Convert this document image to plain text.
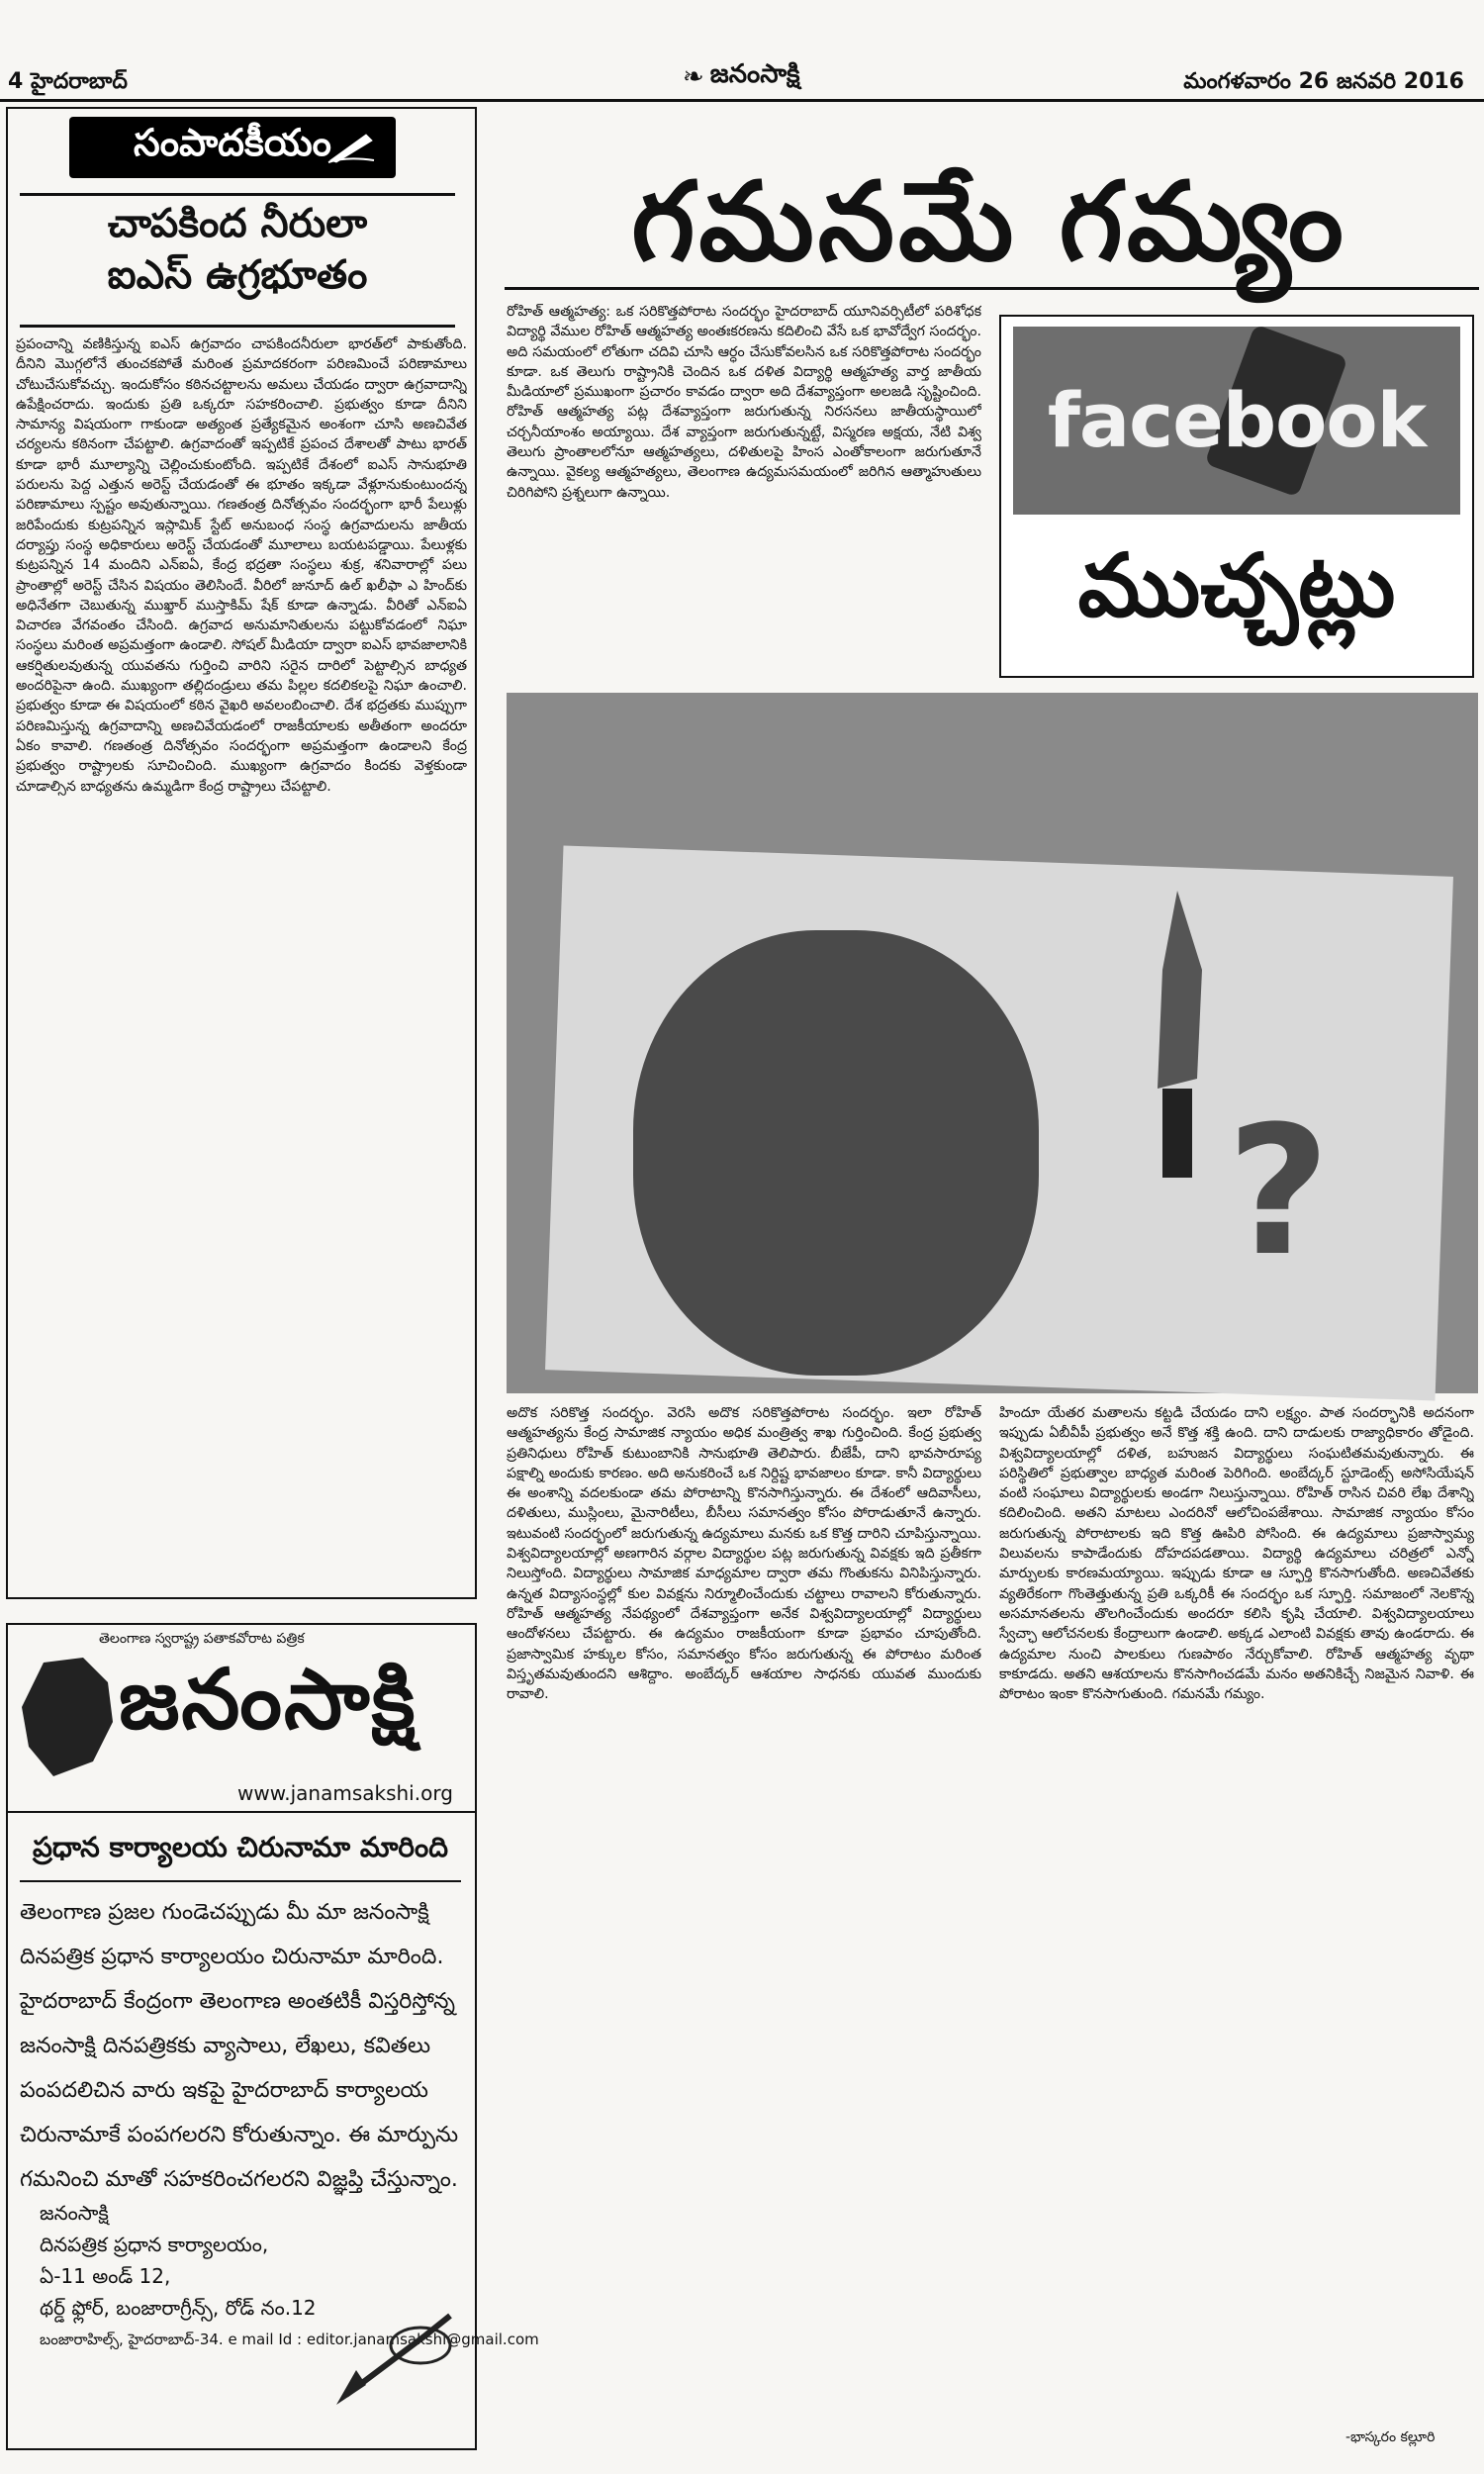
4 హైదరాబాద్	❧ జనంసాక్షి	మంగళవారం 26 జనవరి 2016
సంపాదకీయం
చాపకింద నీరులా
ఐఎస్ ఉగ్రభూతం
ప్రపంచాన్ని వణికిస్తున్న ఐఎస్ ఉగ్రవాదం చాపకిందనీరులా భారత్‌లో పాకుతోంది. దీనిని మొగ్గలోనే తుంచకపోతే మరింత ప్రమాదకరంగా పరిణమించే పరిణామాలు చోటుచేసుకోవచ్చు. ఇందుకోసం కఠినచట్టాలను అమలు చేయడం ద్వారా ఉగ్రవాదాన్ని ఉపేక్షించరాదు. ఇందుకు ప్రతి ఒక్కరూ సహకరించాలి. ప్రభుత్వం కూడా దీనిని సామాన్య విషయంగా గాకుండా అత్యంత ప్రత్యేకమైన అంశంగా చూసి అణచివేత చర్యలను కఠినంగా చేపట్టాలి. ఉగ్రవాదంతో ఇప్పటికే ప్రపంచ దేశాలతో పాటు భారత్ కూడా భారీ మూల్యాన్ని చెల్లించుకుంటోంది. ఇప్పటికే దేశంలో ఐఎస్ సానుభూతి పరులను పెద్ద ఎత్తున అరెస్ట్ చేయడంతో ఈ భూతం ఇక్కడా వేళ్లూనుకుంటుందన్న పరిణామాలు స్పష్టం అవుతున్నాయి. గణతంత్ర దినోత్సవం సందర్భంగా భారీ పేలుళ్లు జరిపేందుకు కుట్రపన్నిన ఇస్లామిక్ స్టేట్ అనుబంధ సంస్థ ఉగ్రవాదులను జాతీయ దర్యాప్తు సంస్థ అధికారులు అరెస్ట్ చేయడంతో మూలాలు బయటపడ్డాయి. పేలుళ్లకు కుట్రపన్నిన 14 మందిని ఎన్ఐఏ, కేంద్ర భద్రతా సంస్థలు శుక్ర, శనివారాల్లో పలు ప్రాంతాల్లో అరెస్ట్ చేసిన విషయం తెలిసిందే. వీరిలో జునూద్ ఉల్ ఖలీఫా ఎ హింద్‌కు అధినేతగా చెబుతున్న ముఖ్తార్ ముస్తాకిమ్ షేక్ కూడా ఉన్నాడు. వీరితో ఎన్ఐఏ విచారణ వేగవంతం చేసింది. ఉగ్రవాద అనుమానితులను పట్టుకోవడంలో నిఘా సంస్థలు మరింత అప్రమత్తంగా ఉండాలి. సోషల్ మీడియా ద్వారా ఐఎస్ భావజాలానికి ఆకర్షితులవుతున్న యువతను గుర్తించి వారిని సరైన దారిలో పెట్టాల్సిన బాధ్యత అందరిపైనా ఉంది. ముఖ్యంగా తల్లిదండ్రులు తమ పిల్లల కదలికలపై నిఘా ఉంచాలి. ప్రభుత్వం కూడా ఈ విషయంలో కఠిన వైఖరి అవలంబించాలి. దేశ భద్రతకు ముప్పుగా పరిణమిస్తున్న ఉగ్రవాదాన్ని అణచివేయడంలో రాజకీయాలకు అతీతంగా అందరూ ఏకం కావాలి. గణతంత్ర దినోత్సవం సందర్భంగా అప్రమత్తంగా ఉండాలని కేంద్ర ప్రభుత్వం రాష్ట్రాలకు సూచించింది. ముఖ్యంగా ఉగ్రవాదం కిందకు వెళ్తకుండా చూడాల్సిన బాధ్యతను ఉమ్మడిగా కేంద్ర రాష్ట్రాలు చేపట్టాలి.
తెలంగాణ స్వరాష్ట్ర పతాకవోరాట పత్రిక
జనంసాక్షి
www.janamsakshi.org
ప్రధాన కార్యాలయ చిరునామా మారింది
తెలంగాణ ప్రజల గుండెచప్పుడు మీ మా జనంసాక్షి దినపత్రిక ప్రధాన కార్యాలయం చిరునామా మారింది. హైదరాబాద్ కేంద్రంగా తెలంగాణ అంతటికీ విస్తరిస్తోన్న జనంసాక్షి దినపత్రికకు వ్యాసాలు, లేఖలు, కవితలు పంపదలిచిన వారు ఇకపై హైదరాబాద్ కార్యాలయ చిరునామాకే పంపగలరని కోరుతున్నాం. ఈ మార్పును గమనించి మాతో సహకరించగలరని విజ్ఞప్తి చేస్తున్నాం.
జనంసాక్షి
దినపత్రిక ప్రధాన కార్యాలయం,
ఏ-11 అండ్ 12,
థర్డ్ ఫ్లోర్, బంజారాగ్రీన్స్, రోడ్ నం.12
బంజారాహిల్స్, హైదరాబాద్-34. e mail Id : editor.janamsakshi@gmail.com
గమనమే గమ్యం
రోహిత్ ఆత్మహత్య: ఒక సరికొత్తపోరాట సందర్భం హైదరాబాద్ యూనివర్సిటీలో పరిశోధక విద్యార్థి వేముల రోహిత్ ఆత్మహత్య అంతఃకరణను కదిలించి వేసే ఒక భావోద్వేగ సందర్భం. అది సమయంలో లోతుగా చదివి చూసి ఆర్ధం చేసుకోవలసిన ఒక సరికొత్తపోరాట సందర్భం కూడా. ఒక తెలుగు రాష్ట్రానికి చెందిన ఒక దళిత విద్యార్థి ఆత్మహత్య వార్త జాతీయ మీడియాలో ప్రముఖంగా ప్రచారం కావడం ద్వారా అది దేశవ్యాప్తంగా అలజడి సృష్టించింది. రోహిత్ ఆత్మహత్య పట్ల దేశవ్యాప్తంగా జరుగుతున్న నిరసనలు జాతీయస్థాయిలో చర్చనీయాంశం అయ్యాయి. దేశ వ్యాప్తంగా జరుగుతున్నట్టే, విస్మరణ అక్షయ, నేటి విశ్వ తెలుగు ప్రాంతాలలోనూ ఆత్మహత్యలు, దళితులపై హింస ఎంతోకాలంగా జరుగుతూనే ఉన్నాయి. వైకల్య ఆత్మహత్యలు, తెలంగాణ ఉద్యమసమయంలో జరిగిన ఆత్మాహుతులు చిరిగిపోని ప్రశ్నలుగా ఉన్నాయి.
facebook
ముచ్చట్లు
?
అదొక సరికొత్త సందర్భం. వెరసి అదొక సరికొత్తపోరాట సందర్భం. ఇలా రోహిత్ ఆత్మహత్యను కేంద్ర సామాజిక న్యాయం అధిక మంత్రిత్వ శాఖ గుర్తించింది. కేంద్ర ప్రభుత్వ ప్రతినిధులు రోహిత్ కుటుంబానికి సానుభూతి తెలిపారు. బీజేపీ, దాని భావసారూప్య పక్షాల్ని అందుకు కారణం. అది అనుకరించే ఒక నిర్దిష్ట భావజాలం కూడా. కానీ విద్యార్థులు ఈ అంశాన్ని వదలకుండా తమ పోరాటాన్ని కొనసాగిస్తున్నారు. ఈ దేశంలో ఆదివాసీలు, దళితులు, ముస్లింలు, మైనారిటీలు, బీసీలు సమానత్వం కోసం పోరాడుతూనే ఉన్నారు. ఇటువంటి సందర్భంలో జరుగుతున్న ఉద్యమాలు మనకు ఒక కొత్త దారిని చూపిస్తున్నాయి. విశ్వవిద్యాలయాల్లో అణగారిన వర్గాల విద్యార్థుల పట్ల జరుగుతున్న వివక్షకు ఇది ప్రతీకగా నిలుస్తోంది. విద్యార్థులు సామాజిక మాధ్యమాల ద్వారా తమ గొంతుకను వినిపిస్తున్నారు. ఉన్నత విద్యాసంస్థల్లో కుల వివక్షను నిర్మూలించేందుకు చట్టాలు రావాలని కోరుతున్నారు. రోహిత్ ఆత్మహత్య నేపథ్యంలో దేశవ్యాప్తంగా అనేక విశ్వవిద్యాలయాల్లో విద్యార్థులు ఆందోళనలు చేపట్టారు. ఈ ఉద్యమం రాజకీయంగా కూడా ప్రభావం చూపుతోంది. ప్రజాస్వామిక హక్కుల కోసం, సమానత్వం కోసం జరుగుతున్న ఈ పోరాటం మరింత విస్తృతమవుతుందని ఆశిద్దాం. అంబేద్కర్ ఆశయాల సాధనకు యువత ముందుకు రావాలి.
హిందూ యేతర మతాలను కట్టడి చేయడం దాని లక్ష్యం. పాత సందర్భానికి అదనంగా ఇప్పుడు ఏబీవీపీ ప్రభుత్వం అనే కొత్త శక్తి ఉంది. దాని దాడులకు రాజ్యాధికారం తోడైంది. విశ్వవిద్యాలయాల్లో దళిత, బహుజన విద్యార్థులు సంఘటితమవుతున్నారు. ఈ పరిస్థితిలో ప్రభుత్వాల బాధ్యత మరింత పెరిగింది. అంబేద్కర్ స్టూడెంట్స్ అసోసియేషన్ వంటి సంఘాలు విద్యార్థులకు అండగా నిలుస్తున్నాయి. రోహిత్ రాసిన చివరి లేఖ దేశాన్ని కదిలించింది. అతని మాటలు ఎందరినో ఆలోచింపజేశాయి. సామాజిక న్యాయం కోసం జరుగుతున్న పోరాటాలకు ఇది కొత్త ఊపిరి పోసింది. ఈ ఉద్యమాలు ప్రజాస్వామ్య విలువలను కాపాడేందుకు దోహదపడతాయి. విద్యార్థి ఉద్యమాలు చరిత్రలో ఎన్నో మార్పులకు కారణమయ్యాయి. ఇప్పుడు కూడా ఆ స్ఫూర్తి కొనసాగుతోంది. అణచివేతకు వ్యతిరేకంగా గొంతెత్తుతున్న ప్రతి ఒక్కరికీ ఈ సందర్భం ఒక స్ఫూర్తి. సమాజంలో నెలకొన్న అసమానతలను తొలగించేందుకు అందరూ కలిసి కృషి చేయాలి. విశ్వవిద్యాలయాలు స్వేచ్ఛా ఆలోచనలకు కేంద్రాలుగా ఉండాలి. అక్కడ ఎలాంటి వివక్షకు తావు ఉండరాదు. ఈ ఉద్యమాల నుంచి పాలకులు గుణపాఠం నేర్చుకోవాలి. రోహిత్ ఆత్మహత్య వృథా కాకూడదు. అతని ఆశయాలను కొనసాగించడమే మనం అతనికిచ్చే నిజమైన నివాళి. ఈ పోరాటం ఇంకా కొనసాగుతుంది. గమనమే గమ్యం.
-భాస్కరం కల్లూరి
